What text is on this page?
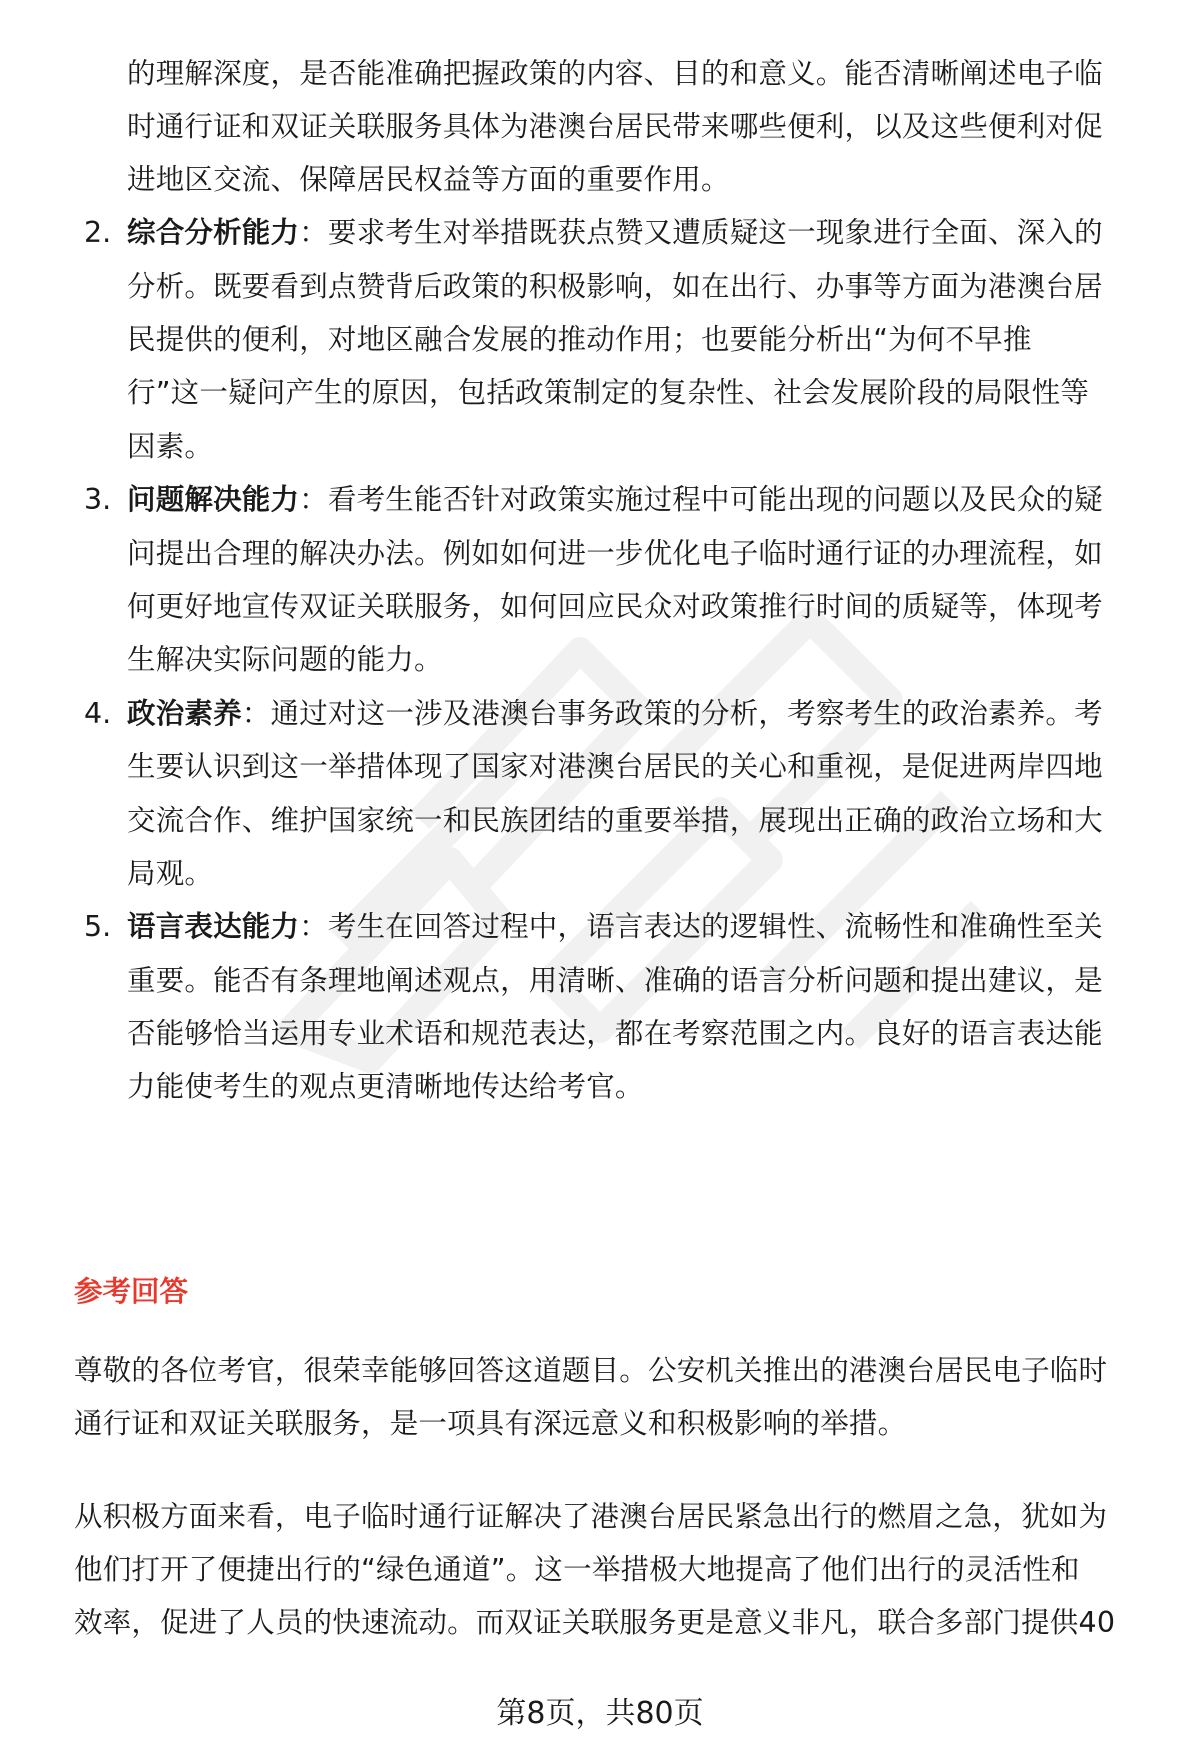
的理解深度，是否能准确把握政策的内容、目的和意义。能否清晰阐述电子临
时通行证和双证关联服务具体为港澳台居民带来哪些便利，以及这些便利对促
进地区交流、保障居民权益等方面的重要作用。
2. 综合分析能力：要求考生对举措既获点赞又遭质疑这一现象进行全面、深入的
分析。既要看到点赞背后政策的积极影响，如在出行、办事等方面为港澳台居
民提供的便利，对地区融合发展的推动作用；也要能分析出“为何不早推
行”这一疑问产生的原因，包括政策制定的复杂性、社会发展阶段的局限性等
因素。
3. 问题解决能力：看考生能否针对政策实施过程中可能出现的问题以及民众的疑
问提出合理的解决办法。例如如何进一步优化电子临时通行证的办理流程，如
何更好地宣传双证关联服务，如何回应民众对政策推行时间的质疑等，体现考
生解决实际问题的能力。
4. 政治素养：通过对这一涉及港澳台事务政策的分析，考察考生的政治素养。考
生要认识到这一举措体现了国家对港澳台居民的关心和重视，是促进两岸四地
交流合作、维护国家统一和民族团结的重要举措，展现出正确的政治立场和大
局观。
5. 语言表达能力：考生在回答过程中，语言表达的逻辑性、流畅性和准确性至关
重要。能否有条理地阐述观点，用清晰、准确的语言分析问题和提出建议，是
否能够恰当运用专业术语和规范表达，都在考察范围之内。良好的语言表达能
力能使考生的观点更清晰地传达给考官。
参考回答
尊敬的各位考官，很荣幸能够回答这道题目。公安机关推出的港澳台居民电子临时
通行证和双证关联服务，是一项具有深远意义和积极影响的举措。
从积极方面来看，电子临时通行证解决了港澳台居民紧急出行的燃眉之急，犹如为
他们打开了便捷出行的“绿色通道”。这一举措极大地提高了他们出行的灵活性和
效率，促进了人员的快速流动。而双证关联服务更是意义非凡，联合多部门提供40
第8页，共80页
